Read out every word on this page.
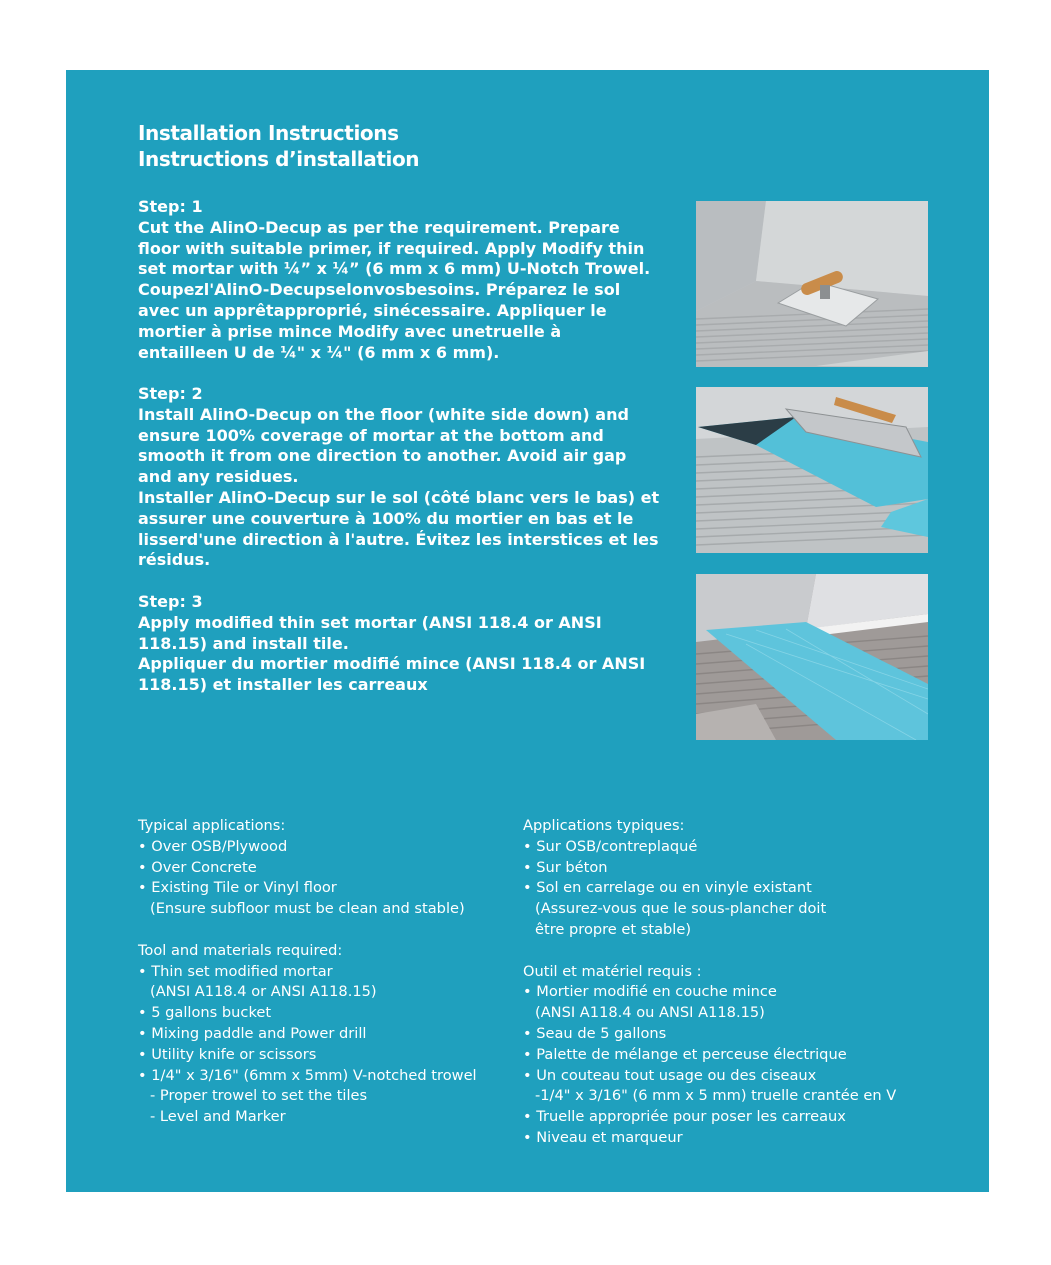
Installation Instructions
Instructions d’installation
Step: 1
Cut the AlinO-Decup as per the requirement. Prepare
floor with suitable primer, if required. Apply Modify thin
set mortar with ¼” x ¼” (6 mm x 6 mm) U-Notch Trowel.
Coupezl'AlinO-Decupselonvosbesoins. Préparez le sol
avec un apprêtapproprié, sinécessaire. Appliquer le
mortier à prise mince Modify avec unetruelle à
entailleen U de ¼" x ¼" (6 mm x 6 mm).
Step: 2
Install AlinO-Decup on the floor (white side down) and
ensure 100% coverage of mortar at the bottom and
smooth it from one direction to another. Avoid air gap
and any residues.
Installer AlinO-Decup sur le sol (côté blanc vers le bas) et
assurer une couverture à 100% du mortier en bas et le
lisserd'une direction à l'autre. Évitez les interstices et les
résidus.
Step: 3
Apply modified thin set mortar (ANSI 118.4 or ANSI
118.15) and install tile.
Appliquer du mortier modifié mince (ANSI 118.4 or ANSI
118.15) et installer les carreaux
Typical applications:
• Over OSB/Plywood
• Over Concrete
• Existing Tile or Vinyl floor
(Ensure subfloor must be clean and stable)
Tool and materials required:
• Thin set modified mortar
(ANSI A118.4 or ANSI A118.15)
• 5 gallons bucket
• Mixing paddle and Power drill
• Utility knife or scissors
• 1/4" x 3/16" (6mm x 5mm) V-notched trowel
- Proper trowel to set the tiles
- Level and Marker
Applications typiques:
• Sur OSB/contreplaqué
• Sur béton
• Sol en carrelage ou en vinyle existant
(Assurez-vous que le sous-plancher doit
être propre et stable)
Outil et matériel requis :
• Mortier modifié en couche mince
(ANSI A118.4 ou ANSI A118.15)
• Seau de 5 gallons
• Palette de mélange et perceuse électrique
• Un couteau tout usage ou des ciseaux
-1/4" x 3/16" (6 mm x 5 mm) truelle crantée en V
• Truelle appropriée pour poser les carreaux
• Niveau et marqueur
